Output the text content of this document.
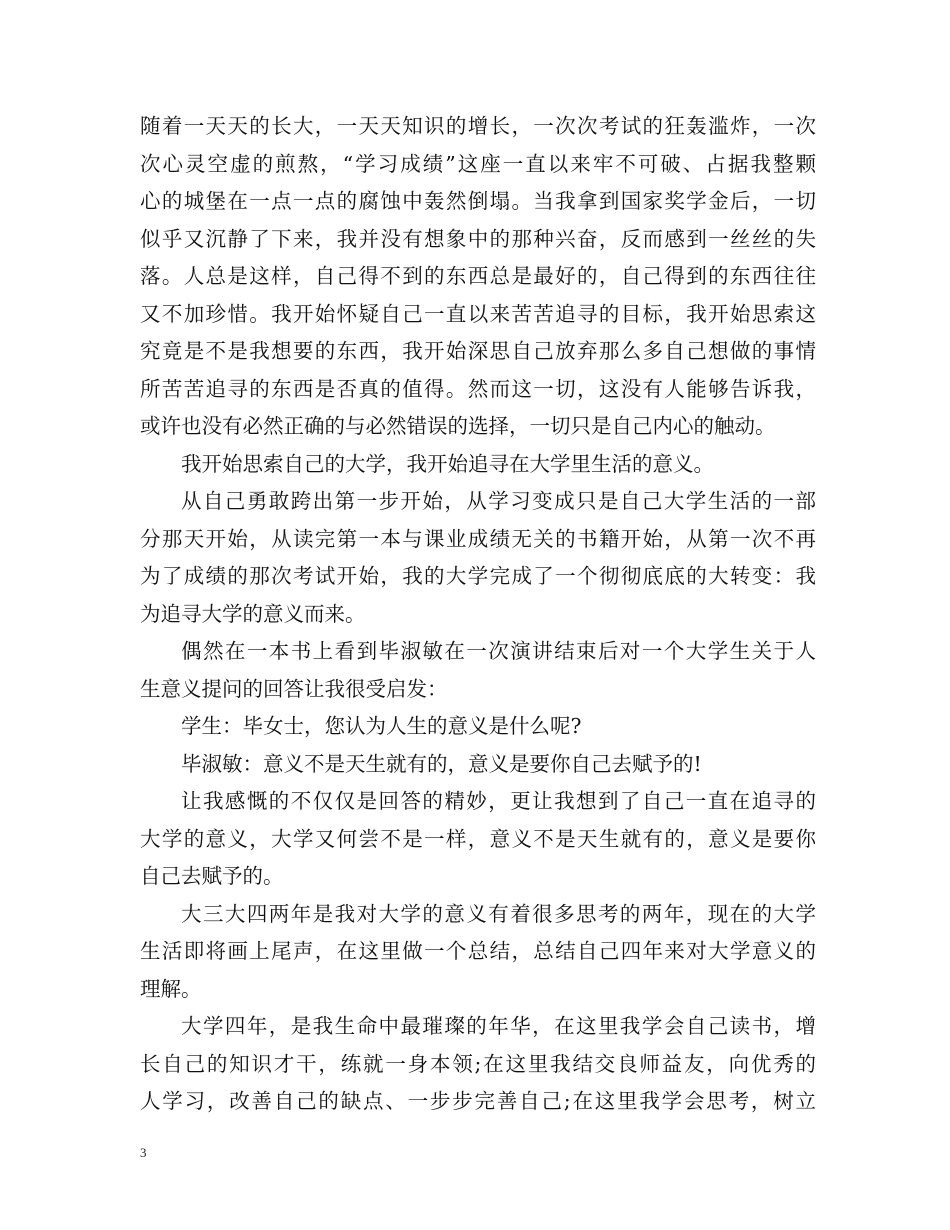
随着一天天的长大，一天天知识的增长，一次次考试的狂轰滥炸，一次
次心灵空虚的煎熬，“学习成绩”这座一直以来牢不可破、占据我整颗
心的城堡在一点一点的腐蚀中轰然倒塌。当我拿到国家奖学金后，一切
似乎又沉静了下来，我并没有想象中的那种兴奋，反而感到一丝丝的失
落。人总是这样，自己得不到的东西总是最好的，自己得到的东西往往
又不加珍惜。我开始怀疑自己一直以来苦苦追寻的目标，我开始思索这
究竟是不是我想要的东西，我开始深思自己放弃那么多自己想做的事情
所苦苦追寻的东西是否真的值得。然而这一切，这没有人能够告诉我，
或许也没有必然正确的与必然错误的选择，一切只是自己内心的触动。
我开始思索自己的大学，我开始追寻在大学里生活的意义。
从自己勇敢跨出第一步开始，从学习变成只是自己大学生活的一部
分那天开始，从读完第一本与课业成绩无关的书籍开始，从第一次不再
为了成绩的那次考试开始，我的大学完成了一个彻彻底底的大转变：我
为追寻大学的意义而来。
偶然在一本书上看到毕淑敏在一次演讲结束后对一个大学生关于人
生意义提问的回答让我很受启发：
学生：毕女士，您认为人生的意义是什么呢?
毕淑敏：意义不是天生就有的，意义是要你自己去赋予的!
让我感慨的不仅仅是回答的精妙，更让我想到了自己一直在追寻的
大学的意义，大学又何尝不是一样，意义不是天生就有的，意义是要你
自己去赋予的。
大三大四两年是我对大学的意义有着很多思考的两年，现在的大学
生活即将画上尾声，在这里做一个总结，总结自己四年来对大学意义的
理解。
大学四年，是我生命中最璀璨的年华，在这里我学会自己读书，增
长自己的知识才干，练就一身本领;在这里我结交良师益友，向优秀的
人学习，改善自己的缺点、一步步完善自己;在这里我学会思考，树立
3
